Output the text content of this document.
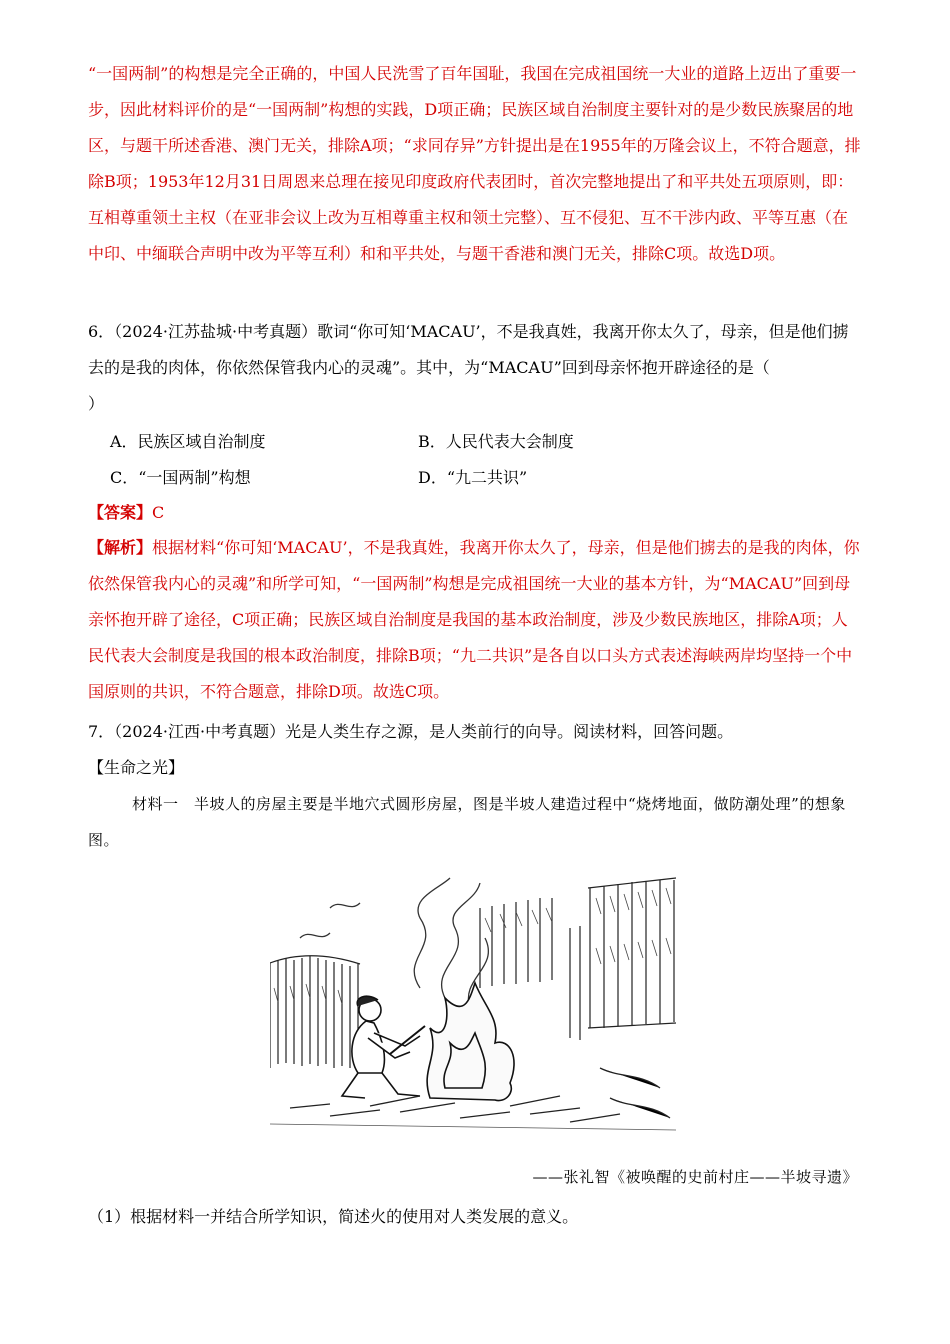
“一国两制”的构想是完全正确的，中国人民洗雪了百年国耻，我国在完成祖国统一大业的道路上迈出了重要一步，因此材料评价的是“一国两制”构想的实践，D项正确；民族区域自治制度主要针对的是少数民族聚居的地区，与题干所述香港、澳门无关，排除A项；“求同存异”方针提出是在1955年的万隆会议上，不符合题意，排除B项；1953年12月31日周恩来总理在接见印度政府代表团时，首次完整地提出了和平共处五项原则，即：互相尊重领土主权（在亚非会议上改为互相尊重主权和领土完整）、互不侵犯、互不干涉内政、平等互惠（在中印、中缅联合声明中改为平等互利）和和平共处，与题干香港和澳门无关，排除C项。故选D项。

6．（2024·江苏盐城·中考真题）歌词“你可知‘MACAU’，不是我真姓，我离开你太久了，母亲，但是他们掳去的是我的肉体，你依然保管我内心的灵魂”。其中，为“MACAU”回到母亲怀抱开辟途径的是（
）

A．民族区域自治制度	B．人民代表大会制度
C．“一国两制”构想	D．“九二共识”
【答案】C

【解析】根据材料“你可知‘MACAU’，不是我真姓，我离开你太久了，母亲，但是他们掳去的是我的肉体，你依然保管我内心的灵魂”和所学可知，“一国两制”构想是完成祖国统一大业的基本方针，为“MACAU”回到母亲怀抱开辟了途径，C项正确；民族区域自治制度是我国的基本政治制度，涉及少数民族地区，排除A项；人民代表大会制度是我国的根本政治制度，排除B项；“九二共识”是各自以口头方式表述海峡两岸均坚持一个中国原则的共识，不符合题意，排除D项。故选C项。

7．（2024·江西·中考真题）光是人类生存之源，是人类前行的向导。阅读材料，回答问题。
【生命之光】

材料一　半坡人的房屋主要是半地穴式圆形房屋，图是半坡人建造过程中“烧烤地面，做防潮处理”的想象图。

——张礼智《被唤醒的史前村庄——半坡寻遗》
（1）根据材料一并结合所学知识，简述火的使用对人类发展的意义。
